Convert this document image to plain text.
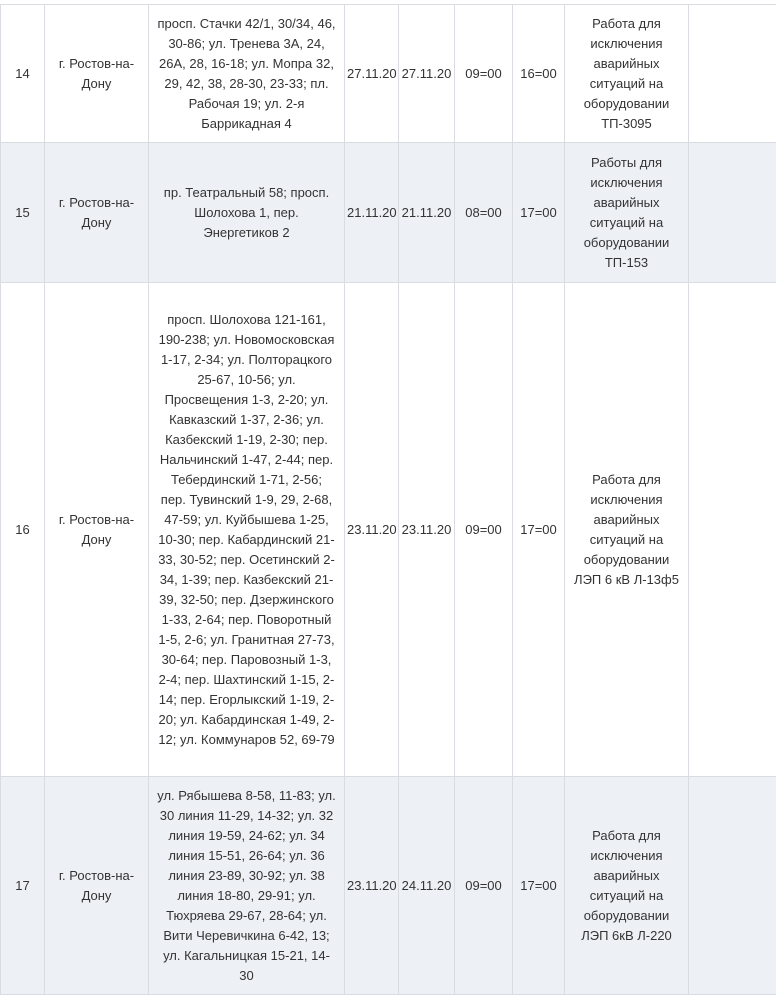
14	г. Ростов-на-Дону	просп. Стачки 42/1, 30/34, 46, 30-86; ул. Тренева 3А, 24, 26А, 28, 16-18; ул. Мопра 32, 29, 42, 38, 28-30, 23-33; пл. Рабочая 19; ул. 2-я Баррикадная 4	27.11.20	27.11.20	09=00	16=00	Работа для исключения аварийных ситуаций на оборудовании ТП-3095	
15	г. Ростов-на-Дону	пр. Театральный 58; просп. Шолохова 1, пер. Энергетиков 2	21.11.20	21.11.20	08=00	17=00	Работы для исключения аварийных ситуаций на оборудовании ТП-153	
16	г. Ростов-на-Дону	просп. Шолохова 121-161, 190-238; ул. Новомосковская 1-17, 2-34; ул. Полторацкого 25-67, 10-56; ул. Просвещения 1-3, 2-20; ул. Кавказский 1-37, 2-36; ул. Казбекский 1-19, 2-30; пер. Нальчинский 1-47, 2-44; пер. Тебердинский 1-71, 2-56; пер. Тувинский 1-9, 29, 2-68, 47-59; ул. Куйбышева 1-25, 10-30; пер. Кабардинский 21-33, 30-52; пер. Осетинский 2-34, 1-39; пер. Казбекский 21-39, 32-50; пер. Дзержинского 1-33, 2-64; пер. Поворотный 1-5, 2-6; ул. Гранитная 27-73, 30-64; пер. Паровозный 1-3, 2-4; пер. Шахтинский 1-15, 2-14; пер. Егорлыкский 1-19, 2-20; ул. Кабардинская 1-49, 2-12; ул. Коммунаров 52, 69-79	23.11.20	23.11.20	09=00	17=00	Работа для исключения аварийных ситуаций на оборудовании ЛЭП 6 кВ Л-13ф5	
17	г. Ростов-на-Дону	ул. Рябышева 8-58, 11-83; ул. 30 линия 11-29, 14-32; ул. 32 линия 19-59, 24-62; ул. 34 линия 15-51, 26-64; ул. 36 линия 23-89, 30-92; ул. 38 линия 18-80, 29-91; ул. Тюхряева 29-67, 28-64; ул. Вити Черевичкина 6-42, 13; ул. Кагальницкая 15-21, 14-30	23.11.20	24.11.20	09=00	17=00	Работа для исключения аварийных ситуаций на оборудовании ЛЭП 6кВ Л-220	
